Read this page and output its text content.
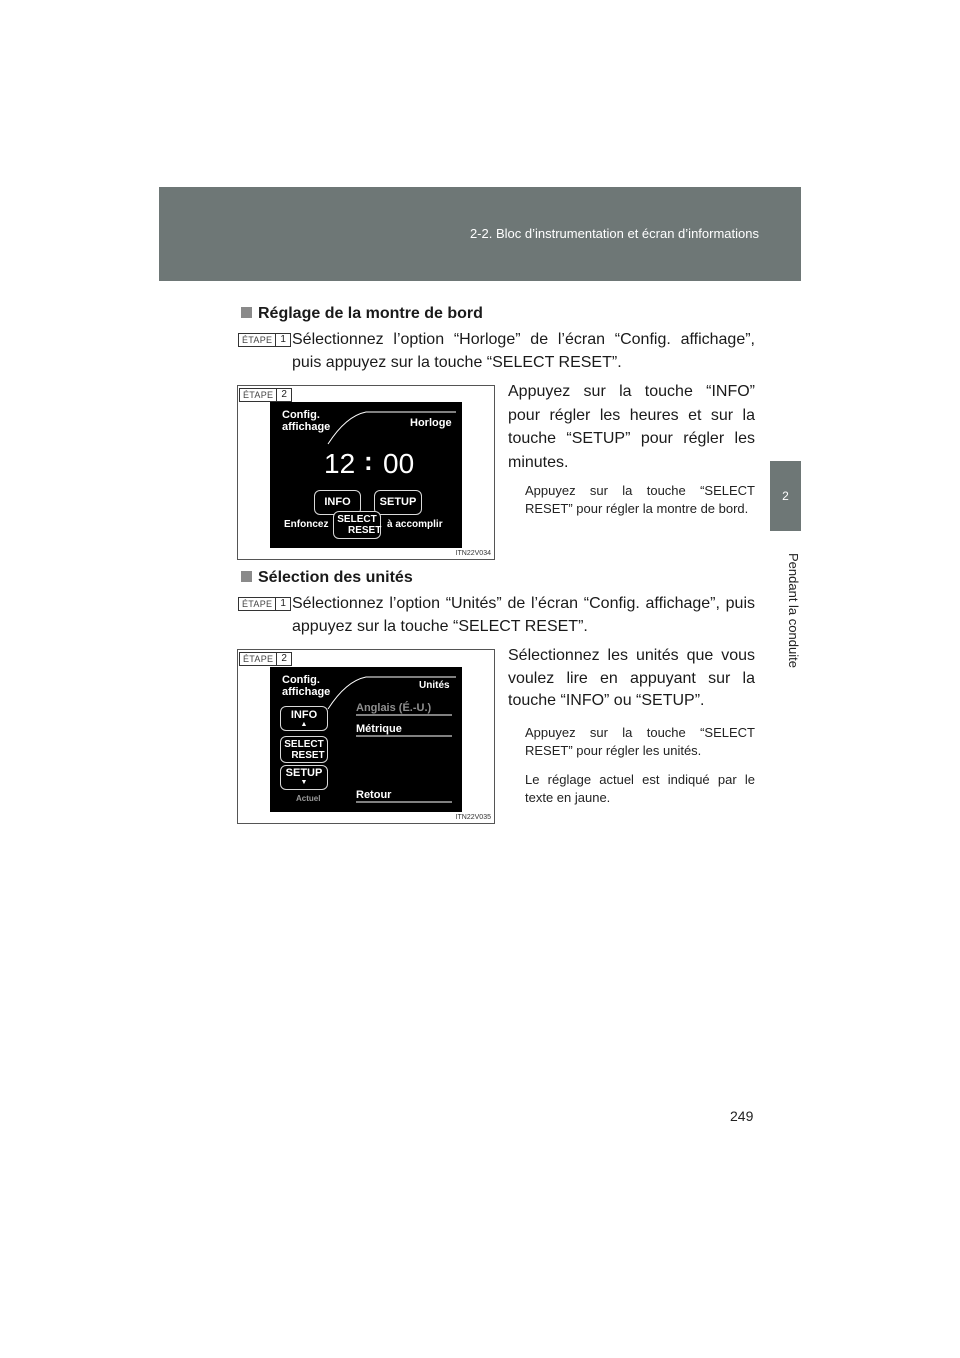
2-2. Bloc d’instrumentation et écran d’informations
2
Pendant la conduite
Réglage de la montre de bord
ÉTAPE 1 Sélectionnez l’option “Horloge” de l’écran “Config. affichage”, puis appuyez sur la touche “SELECT RESET”.
ÉTAPE 2
Config.
affichage	Horloge
12 : 00
INFO	SETUP
Enfoncez SELECT
RESET
à accomplir
ITN22V034
Appuyez sur la touche “INFO” pour régler les heures et sur la touche “SETUP” pour régler les minutes.
Appuyez sur la touche “SELECT RESET” pour régler la montre de bord.
Sélection des unités
ÉTAPE 1 Sélectionnez l’option “Unités” de l’écran “Config. affichage”, puis appuyez sur la touche “SELECT RESET”.
ÉTAPE 2
Config.
affichage
Unités
INFO
▲
SELECT
RESET
SETUP
▼
Actuel
Anglais (É.-U.)
Métrique
Retour
ITN22V035
Sélectionnez les unités que vous voulez lire en appuyant sur la touche “INFO” ou “SETUP”.
Appuyez sur la touche “SELECT RESET” pour régler les unités.
Le réglage actuel est indiqué par le texte en jaune.
249
